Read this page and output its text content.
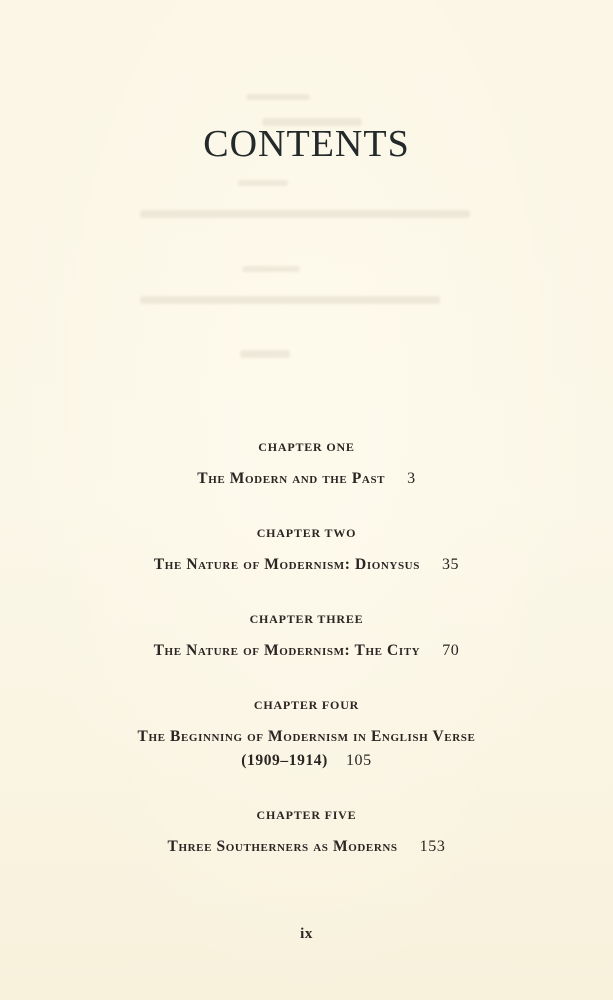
CONTENTS
CHAPTER ONE
The Modern and the Past 3
CHAPTER TWO
The Nature of Modernism: Dionysus 35
CHAPTER THREE
The Nature of Modernism: The City 70
CHAPTER FOUR
The Beginning of Modernism in English Verse
(1909–1914) 105
CHAPTER FIVE
Three Southerners as Moderns 153
ix
